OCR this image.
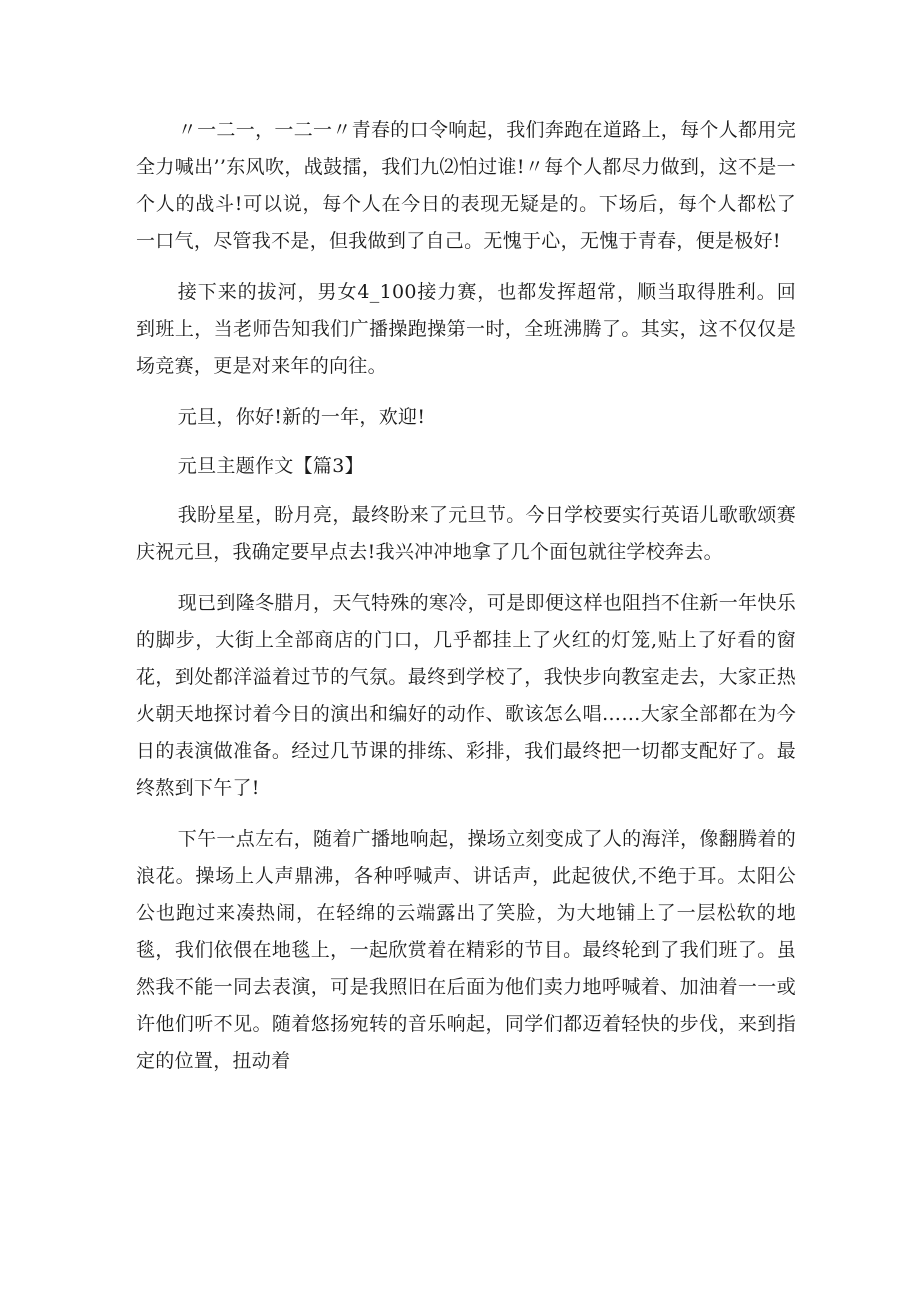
〃一二一，一二一〃青春的口令响起，我们奔跑在道路上，每个人都用完全力喊出’’东风吹，战鼓擂，我们九⑵怕过谁!〃每个人都尽力做到，这不是一个人的战斗!可以说，每个人在今日的表现无疑是的。下场后，每个人都松了一口气，尽管我不是，但我做到了自己。无愧于心，无愧于青春，便是极好!

接下来的拔河，男女4_100接力赛，也都发挥超常，顺当取得胜利。回到班上，当老师告知我们广播操跑操第一时，全班沸腾了。其实，这不仅仅是场竞赛，更是对来年的向往。

元旦，你好!新的一年，欢迎!

元旦主题作文【篇3】

我盼星星，盼月亮，最终盼来了元旦节。今日学校要实行英语儿歌歌颂赛庆祝元旦，我确定要早点去!我兴冲冲地拿了几个面包就往学校奔去。

现已到隆冬腊月，天气特殊的寒冷，可是即便这样也阻挡不住新一年快乐的脚步，大街上全部商店的门口，几乎都挂上了火红的灯笼,贴上了好看的窗花，到处都洋溢着过节的气氛。最终到学校了，我快步向教室走去，大家正热火朝天地探讨着今日的演出和编好的动作、歌该怎么唱……大家全部都在为今日的表演做准备。经过几节课的排练、彩排，我们最终把一切都支配好了。最终熬到下午了!

下午一点左右，随着广播地响起，操场立刻变成了人的海洋，像翻腾着的浪花。操场上人声鼎沸，各种呼喊声、讲话声，此起彼伏,不绝于耳。太阳公公也跑过来凑热闹，在轻绵的云端露出了笑脸，为大地铺上了一层松软的地毯，我们依偎在地毯上，一起欣赏着在精彩的节目。最终轮到了我们班了。虽然我不能一同去表演，可是我照旧在后面为他们卖力地呼喊着、加油着一一或许他们听不见。随着悠扬宛转的音乐响起，同学们都迈着轻快的步伐，来到指定的位置，扭动着
